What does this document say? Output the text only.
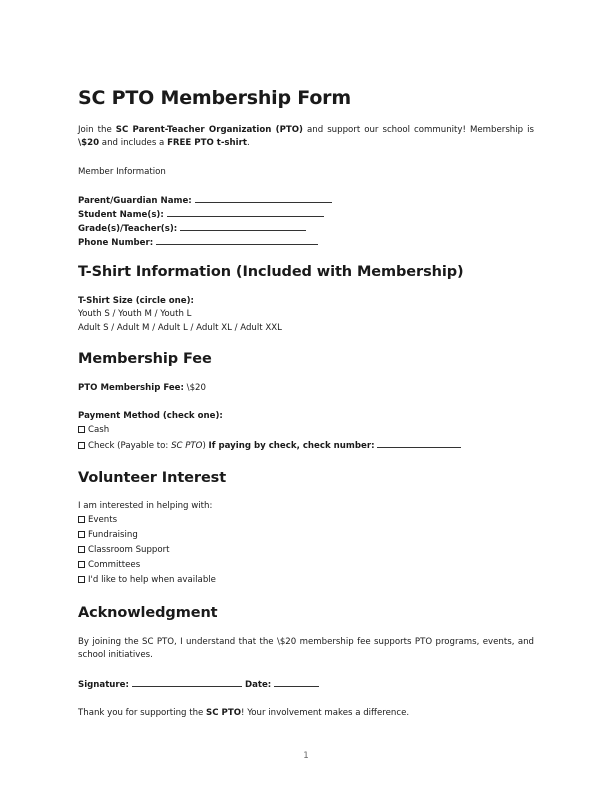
SC PTO Membership Form
Join the SC Parent-Teacher Organization (PTO) and support our school community! Membership is \$20 and includes a FREE PTO t-shirt.
Member Information
Parent/Guardian Name:
Student Name(s):
Grade(s)/Teacher(s):
Phone Number:
T-Shirt Information (Included with Membership)
T-Shirt Size (circle one):
Youth S / Youth M / Youth L
Adult S / Adult M / Adult L / Adult XL / Adult XXL
Membership Fee
PTO Membership Fee: \$20
Payment Method (check one):
Cash
Check (Payable to: SC PTO) If paying by check, check number:
Volunteer Interest
I am interested in helping with:
Events
Fundraising
Classroom Support
Committees
I'd like to help when available
Acknowledgment
By joining the SC PTO, I understand that the \$20 membership fee supports PTO programs, events, and school initiatives.
Signature:	Date:
Thank you for supporting the SC PTO! Your involvement makes a difference.
1
